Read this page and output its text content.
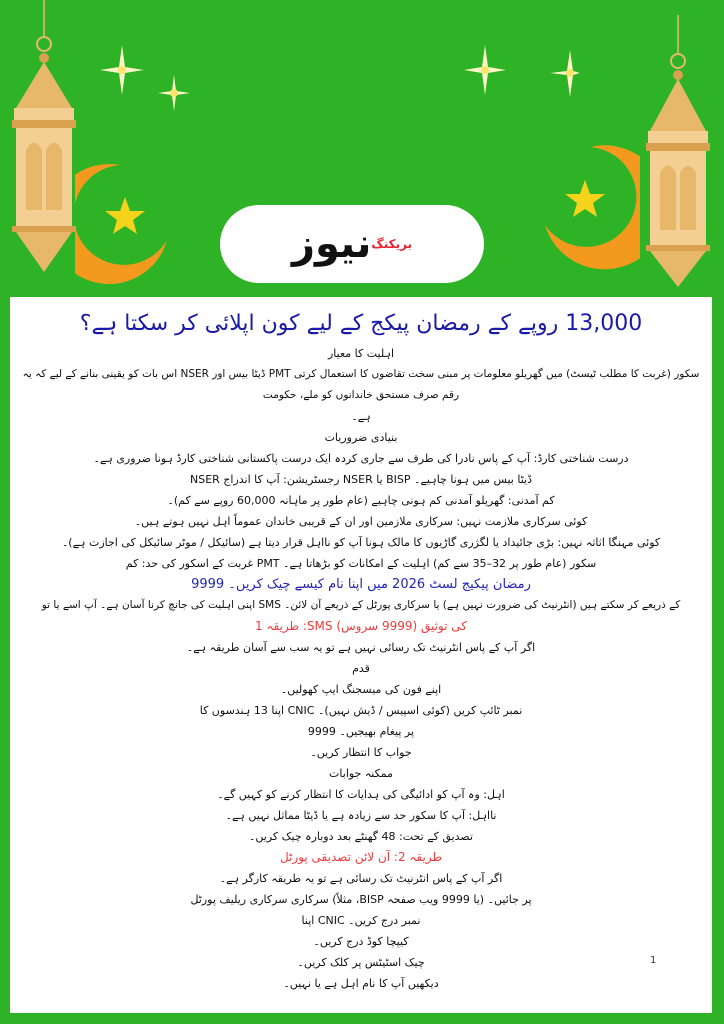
بریکنگ
نیوز
13,000 روپے کے رمضان پیکج کے لیے کون اپلائی کر سکتا ہے؟
اہلیت کا معیار
سکور (غربت کا مطلب ٹیسٹ) میں گھریلو معلومات پر مبنی سخت تقاضوں کا استعمال کرتی PMT ڈیٹا بیس اور NSER اس بات کو یقینی بنانے کے لیے کہ یہ رقم صرف مستحق خاندانوں کو ملے، حکومت
ہے۔
بنیادی ضروریات
درست شناختی کارڈ: آپ کے پاس نادرا کی طرف سے جاری کردہ ایک درست پاکستانی شناختی کارڈ ہونا ضروری ہے۔
ڈیٹا بیس میں ہونا چاہیے۔ BISP یا NSER رجسٹریشن: آپ کا اندراج NSER
کم آمدنی: گھریلو آمدنی کم ہونی چاہیے (عام طور پر ماہانہ 60,000 روپے سے کم)۔
کوئی سرکاری ملازمت نہیں: سرکاری ملازمین اور ان کے قریبی خاندان عموماً اہل نہیں ہوتے ہیں۔
کوئی مہنگا اثاثہ نہیں: بڑی جائیداد یا لگژری گاڑیوں کا مالک ہونا آپ کو نااہل قرار دیتا ہے (سائیکل / موٹر سائیکل کی اجازت ہے)۔
سکور (عام طور پر 32–35 سے کم) اہلیت کے امکانات کو بڑھاتا ہے۔ PMT غربت کے اسکور کی حد: کم
رمضان پیکیج لسٹ 2026 میں اپنا نام کیسے چیک کریں۔ 9999
کے ذریعے کر سکتے ہیں (انٹرنیٹ کی ضرورت نہیں ہے) یا سرکاری پورٹل کے ذریعے آن لائن۔ SMS اپنی اہلیت کی جانچ کرنا آسان ہے۔ آپ اسے یا تو
کی توثیق (9999 سروس) SMS: طریقہ 1
اگر آپ کے پاس انٹرنیٹ تک رسائی نہیں ہے تو یہ سب سے آسان طریقہ ہے۔
قدم
اپنے فون کی میسجنگ ایپ کھولیں۔
نمبر ٹائپ کریں (کوئی اسپیس / ڈیش نہیں)۔ CNIC اپنا 13 ہندسوں کا
پر پیغام بھیجیں۔ 9999
جواب کا انتظار کریں۔
ممکنہ جوابات
اہل: وہ آپ کو ادائیگی کی ہدایات کا انتظار کرنے کو کہیں گے۔
نااہل: آپ کا سکور حد سے زیادہ ہے یا ڈیٹا مماثل نہیں ہے۔
تصدیق کے تحت: 48 گھنٹے بعد دوبارہ چیک کریں۔
طریقہ 2: آن لائن تصدیقی پورٹل
اگر آپ کے پاس انٹرنیٹ تک رسائی ہے تو یہ طریقہ کارگر ہے۔
پر جائیں۔ (یا 9999 ویب صفحہ BISP، مثلاً) سرکاری سرکاری ریلیف پورٹل
نمبر درج کریں۔ CNIC اپنا
کیپچا کوڈ درج کریں۔
چیک اسٹیٹس پر کلک کریں۔
دیکھیں آپ کا نام اہل ہے یا نہیں۔
1
